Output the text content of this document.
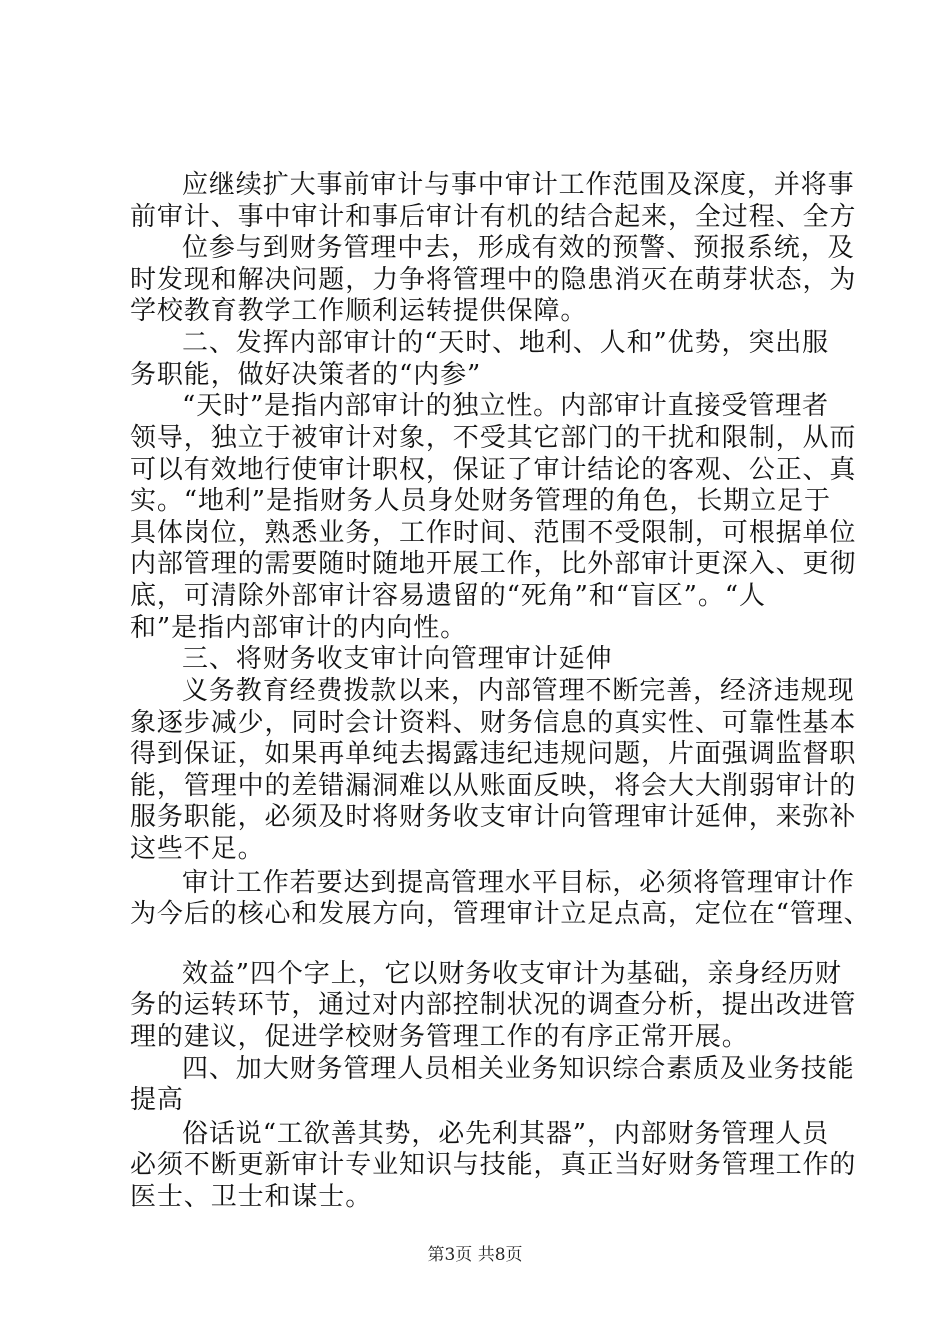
应继续扩大事前审计与事中审计工作范围及深度，并将事
前审计、事中审计和事后审计有机的结合起来，全过程、全方
位参与到财务管理中去，形成有效的预警、预报系统，及
时发现和解决问题，力争将管理中的隐患消灭在萌芽状态，为
学校教育教学工作顺利运转提供保障。
二、发挥内部审计的“天时、地利、人和”优势，突出服
务职能，做好决策者的“内参”
“天时”是指内部审计的独立性。内部审计直接受管理者
领导，独立于被审计对象，不受其它部门的干扰和限制，从而
可以有效地行使审计职权，保证了审计结论的客观、公正、真
实。“地利”是指财务人员身处财务管理的角色，长期立足于
具体岗位，熟悉业务，工作时间、范围不受限制，可根据单位
内部管理的需要随时随地开展工作，比外部审计更深入、更彻
底，可清除外部审计容易遗留的“死角”和“盲区”。“人
和”是指内部审计的内向性。
三、将财务收支审计向管理审计延伸
义务教育经费拨款以来，内部管理不断完善，经济违规现
象逐步减少，同时会计资料、财务信息的真实性、可靠性基本
得到保证，如果再单纯去揭露违纪违规问题，片面强调监督职
能，管理中的差错漏洞难以从账面反映，将会大大削弱审计的
服务职能，必须及时将财务收支审计向管理审计延伸，来弥补
这些不足。
审计工作若要达到提高管理水平目标，必须将管理审计作
为今后的核心和发展方向，管理审计立足点高，定位在“管理、
效益”四个字上，它以财务收支审计为基础，亲身经历财
务的运转环节，通过对内部控制状况的调查分析，提出改进管
理的建议，促进学校财务管理工作的有序正常开展。
四、加大财务管理人员相关业务知识综合素质及业务技能
提高
俗话说“工欲善其势，必先利其器”，内部财务管理人员
必须不断更新审计专业知识与技能，真正当好财务管理工作的
医士、卫士和谋士。
第3页 共8页
